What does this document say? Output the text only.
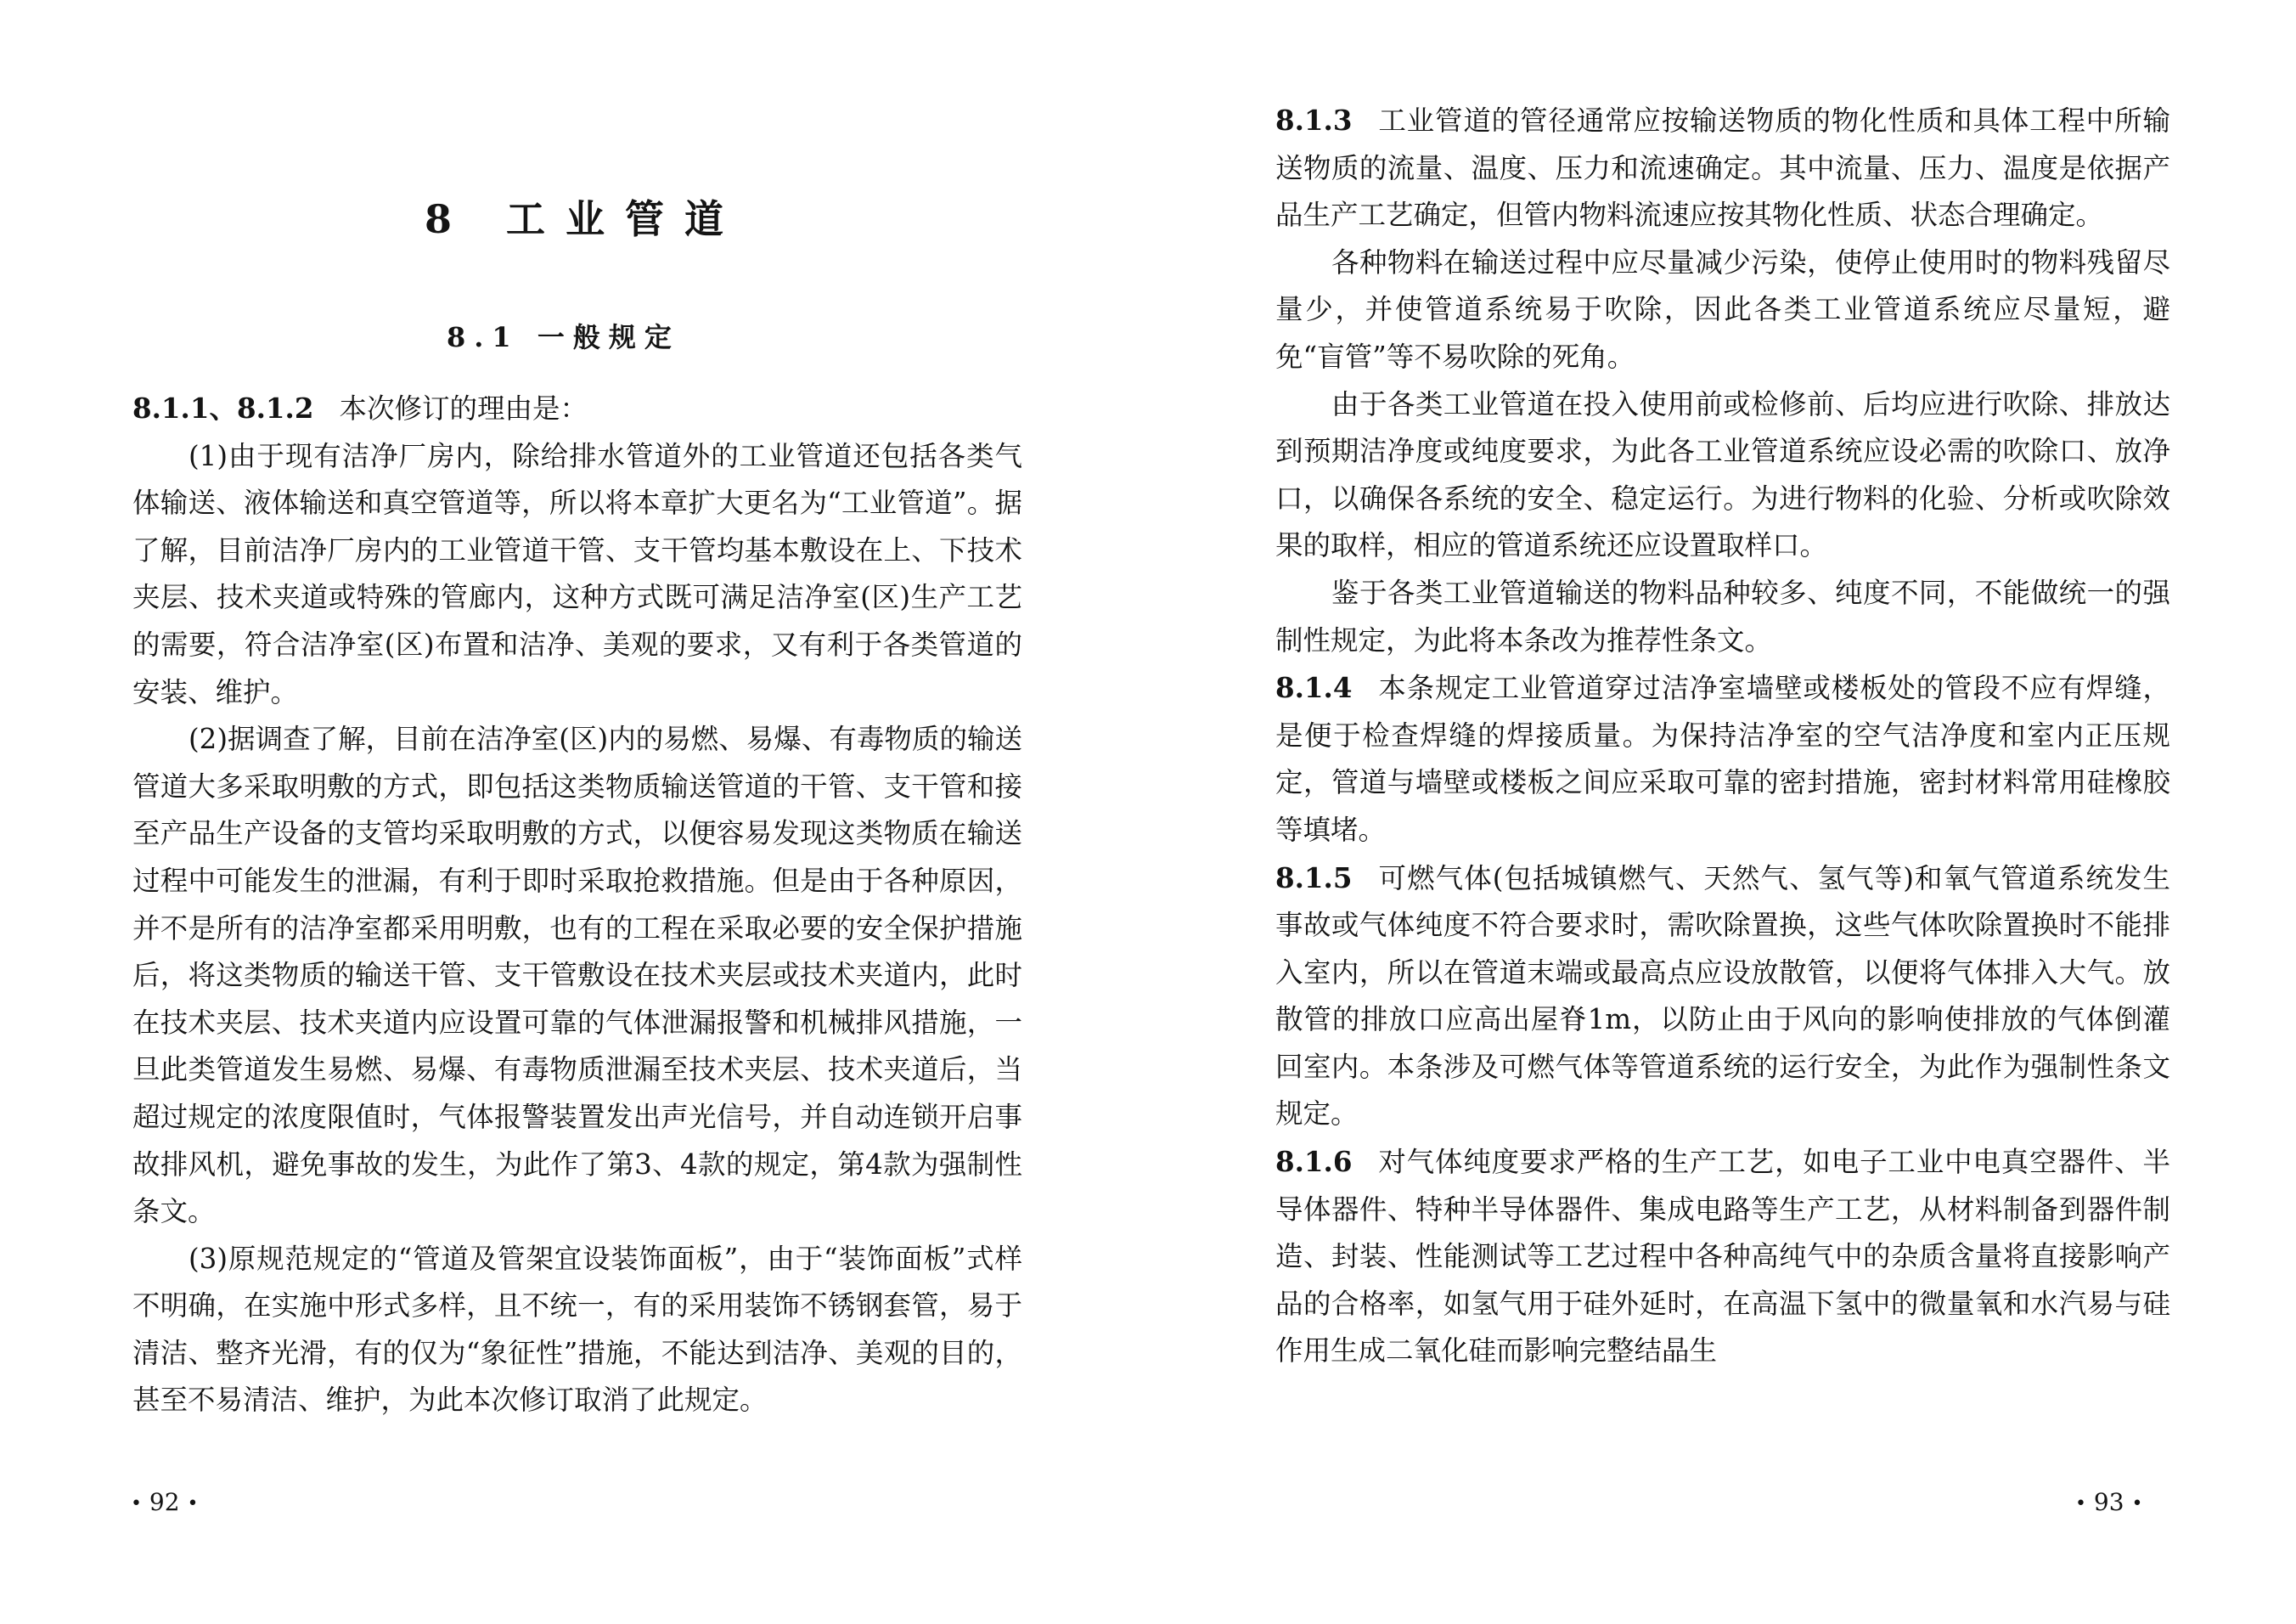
8 工业管道
8.1 一般规定

8.1.1、8.1.2 本次修订的理由是：

(1)由于现有洁净厂房内，除给排水管道外的工业管道还包括各类气体输送、液体输送和真空管道等，所以将本章扩大更名为“工业管道”。据了解，目前洁净厂房内的工业管道干管、支干管均基本敷设在上、下技术夹层、技术夹道或特殊的管廊内，这种方式既可满足洁净室(区)生产工艺的需要，符合洁净室(区)布置和洁净、美观的要求，又有利于各类管道的安装、维护。

(2)据调查了解，目前在洁净室(区)内的易燃、易爆、有毒物质的输送管道大多采取明敷的方式，即包括这类物质输送管道的干管、支干管和接至产品生产设备的支管均采取明敷的方式，以便容易发现这类物质在输送过程中可能发生的泄漏，有利于即时采取抢救措施。但是由于各种原因，并不是所有的洁净室都采用明敷，也有的工程在采取必要的安全保护措施后，将这类物质的输送干管、支干管敷设在技术夹层或技术夹道内，此时在技术夹层、技术夹道内应设置可靠的气体泄漏报警和机械排风措施，一旦此类管道发生易燃、易爆、有毒物质泄漏至技术夹层、技术夹道后，当超过规定的浓度限值时，气体报警装置发出声光信号，并自动连锁开启事故排风机，避免事故的发生，为此作了第3、4款的规定，第4款为强制性条文。

(3)原规范规定的“管道及管架宜设装饰面板”，由于“装饰面板”式样不明确，在实施中形式多样，且不统一，有的采用装饰不锈钢套管，易于清洁、整齐光滑，有的仅为“象征性”措施，不能达到洁净、美观的目的，甚至不易清洁、维护，为此本次修订取消了此规定。

• 92 •

8.1.3 工业管道的管径通常应按输送物质的物化性质和具体工程中所输送物质的流量、温度、压力和流速确定。其中流量、压力、温度是依据产品生产工艺确定，但管内物料流速应按其物化性质、状态合理确定。

各种物料在输送过程中应尽量减少污染，使停止使用时的物料残留尽量少，并使管道系统易于吹除，因此各类工业管道系统应尽量短，避免“盲管”等不易吹除的死角。

由于各类工业管道在投入使用前或检修前、后均应进行吹除、排放达到预期洁净度或纯度要求，为此各工业管道系统应设必需的吹除口、放净口，以确保各系统的安全、稳定运行。为进行物料的化验、分析或吹除效果的取样，相应的管道系统还应设置取样口。

鉴于各类工业管道输送的物料品种较多、纯度不同，不能做统一的强制性规定，为此将本条改为推荐性条文。

8.1.4 本条规定工业管道穿过洁净室墙壁或楼板处的管段不应有焊缝，是便于检查焊缝的焊接质量。为保持洁净室的空气洁净度和室内正压规定，管道与墙壁或楼板之间应采取可靠的密封措施，密封材料常用硅橡胶等填堵。

8.1.5 可燃气体(包括城镇燃气、天然气、氢气等)和氧气管道系统发生事故或气体纯度不符合要求时，需吹除置换，这些气体吹除置换时不能排入室内，所以在管道末端或最高点应设放散管，以便将气体排入大气。放散管的排放口应高出屋脊1m，以防止由于风向的影响使排放的气体倒灌回室内。本条涉及可燃气体等管道系统的运行安全，为此作为强制性条文规定。

8.1.6 对气体纯度要求严格的生产工艺，如电子工业中电真空器件、半导体器件、特种半导体器件、集成电路等生产工艺，从材料制备到器件制造、封装、性能测试等工艺过程中各种高纯气中的杂质含量将直接影响产品的合格率，如氢气用于硅外延时，在高温下氢中的微量氧和水汽易与硅作用生成二氧化硅而影响完整结晶生

• 93 •
